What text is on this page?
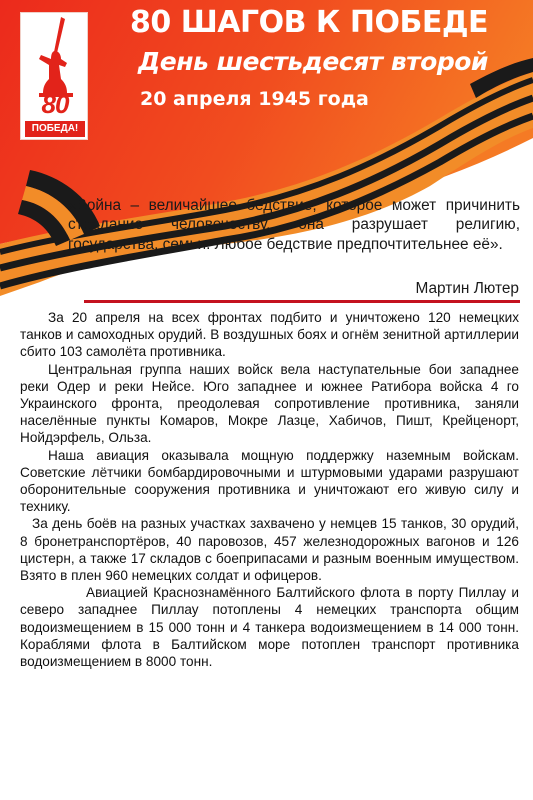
80
ПОБЕДА!
80 ШАГОВ К ПОБЕДЕ
День шестьдесят второй
20 апреля 1945 года

«Война – величайшее бедствие, которое может причинить страдание человечеству, она разрушает религию, государства, семьи. Любое бедствие предпочтительнее её».

Мартин Лютер

За 20 апреля на всех фронтах подбито и уничтожено 120 немецких танков и самоходных орудий. В воздушных боях и огнём зенитной артиллерии сбито 103 самолёта противника.

Центральная группа наших войск вела наступательные бои западнее реки Одер и реки Нейсе. Юго западнее и южнее Ратибора войска 4 го Украинского фронта, преодолевая сопротивление противника, заняли населённые пункты Комаров, Мокре Лазце, Хабичов, Пишт, Крейценорт, Нойдэрфель, Ольза.

Наша авиация оказывала мощную поддержку наземным войскам. Советские лётчики бомбардировочными и штурмовыми ударами разрушают оборонительные сооружения противника и уничтожают его живую силу и технику.

За день боёв на разных участках захвачено у немцев 15 танков, 30 орудий, 8 бронетранспортёров, 40 паровозов, 457 железнодорожных вагонов и 126 цистерн, а также 17 складов с боеприпасами и разным военным имуществом. Взято в плен 960 немецких солдат и офицеров.

Авиацией Краснознамённого Балтийского флота в порту Пиллау и северо западнее Пиллау потоплены 4 немецких транспорта общим водоизмещением в 15 000 тонн и 4 танкера водоизмещением в 14 000 тонн. Кораблями флота в Балтийском море потоплен транспорт противника водоизмещением в 8000 тонн.
